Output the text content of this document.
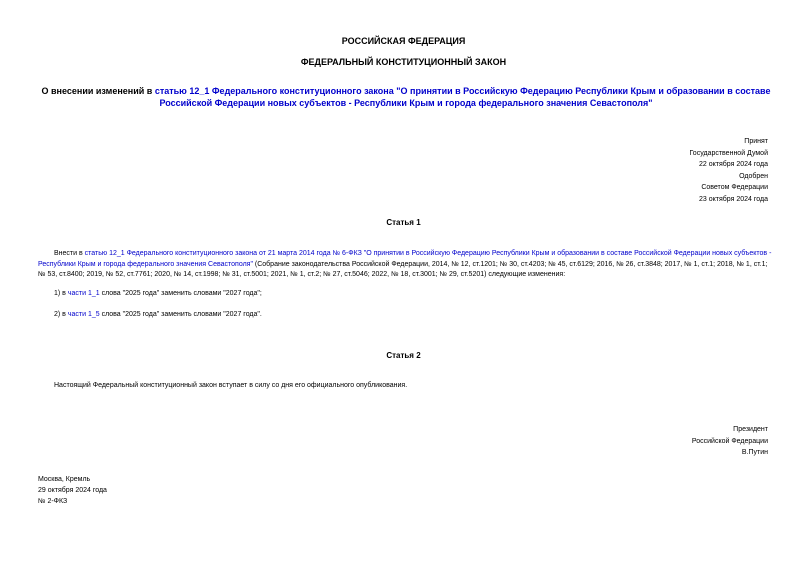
РОССИЙСКАЯ ФЕДЕРАЦИЯ
ФЕДЕРАЛЬНЫЙ КОНСТИТУЦИОННЫЙ ЗАКОН
О внесении изменений в статью 12_1 Федерального конституционного закона "О принятии в Российскую Федерацию Республики Крым и образовании в составе Российской Федерации новых субъектов - Республики Крым и города федерального значения Севастополя"
Принят
Государственной Думой
22 октября 2024 года
Одобрен
Советом Федерации
23 октября 2024 года
Статья 1
Внести в статью 12_1 Федерального конституционного закона от 21 марта 2014 года № 6-ФКЗ "О принятии в Российскую Федерацию Республики Крым и образовании в составе Российской Федерации новых субъектов - Республики Крым и города федерального значения Севастополя" (Собрание законодательства Российской Федерации, 2014, № 12, ст.1201; № 30, ст.4203; № 45, ст.6129; 2016, № 26, ст.3848; 2017, № 1, ст.1; 2018, № 1, ст.1; № 53, ст.8400; 2019, № 52, ст.7761; 2020, № 14, ст.1998; № 31, ст.5001; 2021, № 1, ст.2; № 27, ст.5046; 2022, № 18, ст.3001; № 29, ст.5201) следующие изменения:
1) в части 1_1 слова "2025 года" заменить словами "2027 года";
2) в части 1_5 слова "2025 года" заменить словами "2027 года".
Статья 2
Настоящий Федеральный конституционный закон вступает в силу со дня его официального опубликования.
Президент
Российской Федерации
В.Путин
Москва, Кремль
29 октября 2024 года
№ 2-ФКЗ
